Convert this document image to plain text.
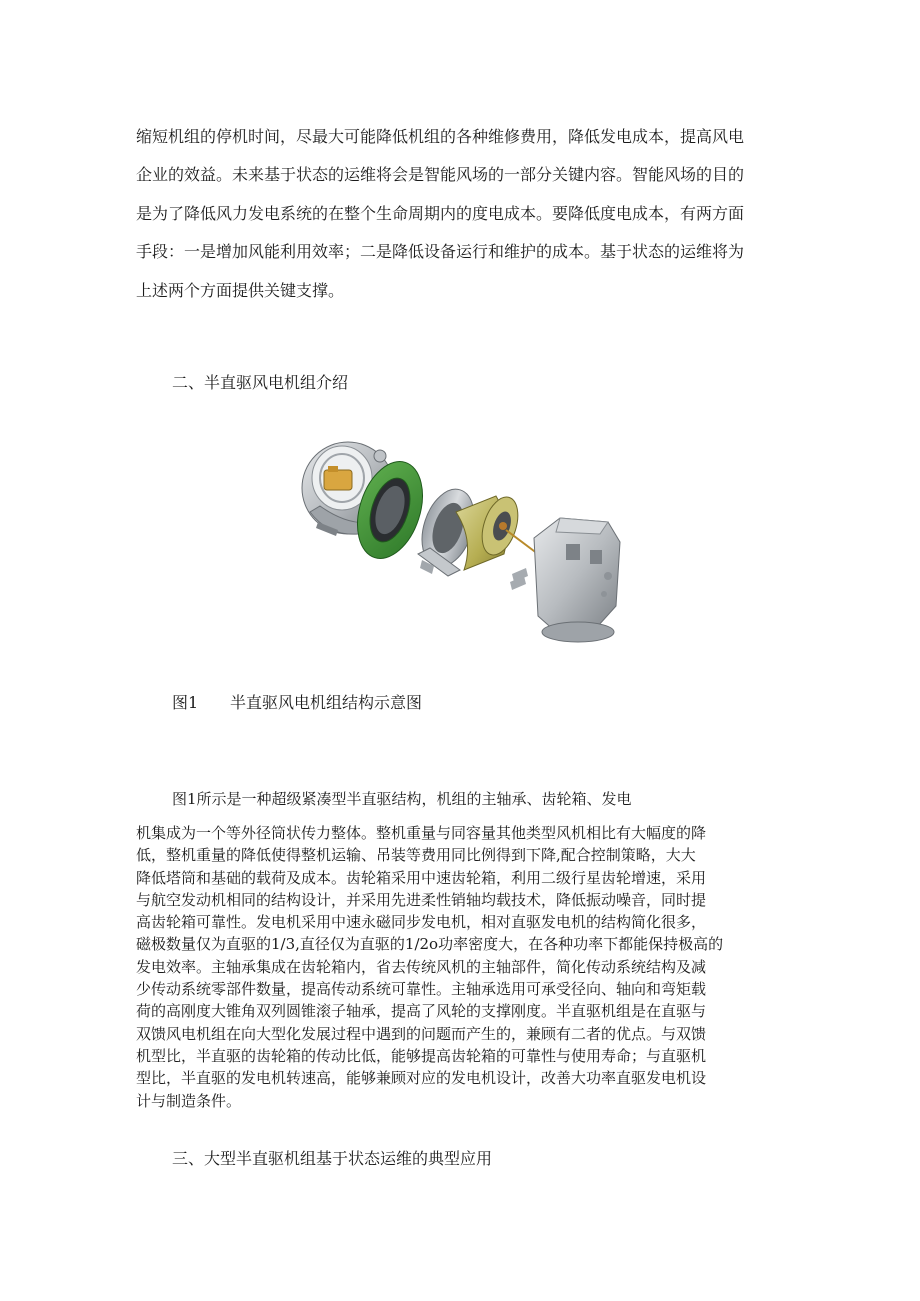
缩短机组的停机时间，尽最大可能降低机组的各种维修费用，降低发电成本，提高风电
企业的效益。未来基于状态的运维将会是智能风场的一部分关键内容。智能风场的目的
是为了降低风力发电系统的在整个生命周期内的度电成本。要降低度电成本，有两方面
手段：一是增加风能利用效率；二是降低设备运行和维护的成本。基于状态的运维将为
上述两个方面提供关键支撑。
二、半直驱风电机组介绍
图1 半直驱风电机组结构示意图

图1所示是一种超级紧凑型半直驱结构，机组的主轴承、齿轮箱、发电

机集成为一个等外径筒状传力整体。整机重量与同容量其他类型风机相比有大幅度的降
低，整机重量的降低使得整机运输、吊装等费用同比例得到下降,配合控制策略，大大
降低塔筒和基础的载荷及成本。齿轮箱采用中速齿轮箱，利用二级行星齿轮增速，采用
与航空发动机相同的结构设计，并采用先进柔性销轴均载技术，降低振动噪音，同时提
高齿轮箱可靠性。发电机采用中速永磁同步发电机，相对直驱发电机的结构简化很多，
磁极数量仅为直驱的1/3,直径仅为直驱的1∕2o功率密度大，在各种功率下都能保持极高的
发电效率。主轴承集成在齿轮箱内，省去传统风机的主轴部件，简化传动系统结构及减
少传动系统零部件数量，提高传动系统可靠性。主轴承选用可承受径向、轴向和弯矩载
荷的高刚度大锥角双列圆锥滚子轴承，提高了风轮的支撑刚度。半直驱机组是在直驱与
双馈风电机组在向大型化发展过程中遇到的问题而产生的，兼顾有二者的优点。与双馈
机型比，半直驱的齿轮箱的传动比低，能够提高齿轮箱的可靠性与使用寿命；与直驱机
型比，半直驱的发电机转速高，能够兼顾对应的发电机设计，改善大功率直驱发电机设
计与制造条件。
三、大型半直驱机组基于状态运维的典型应用
